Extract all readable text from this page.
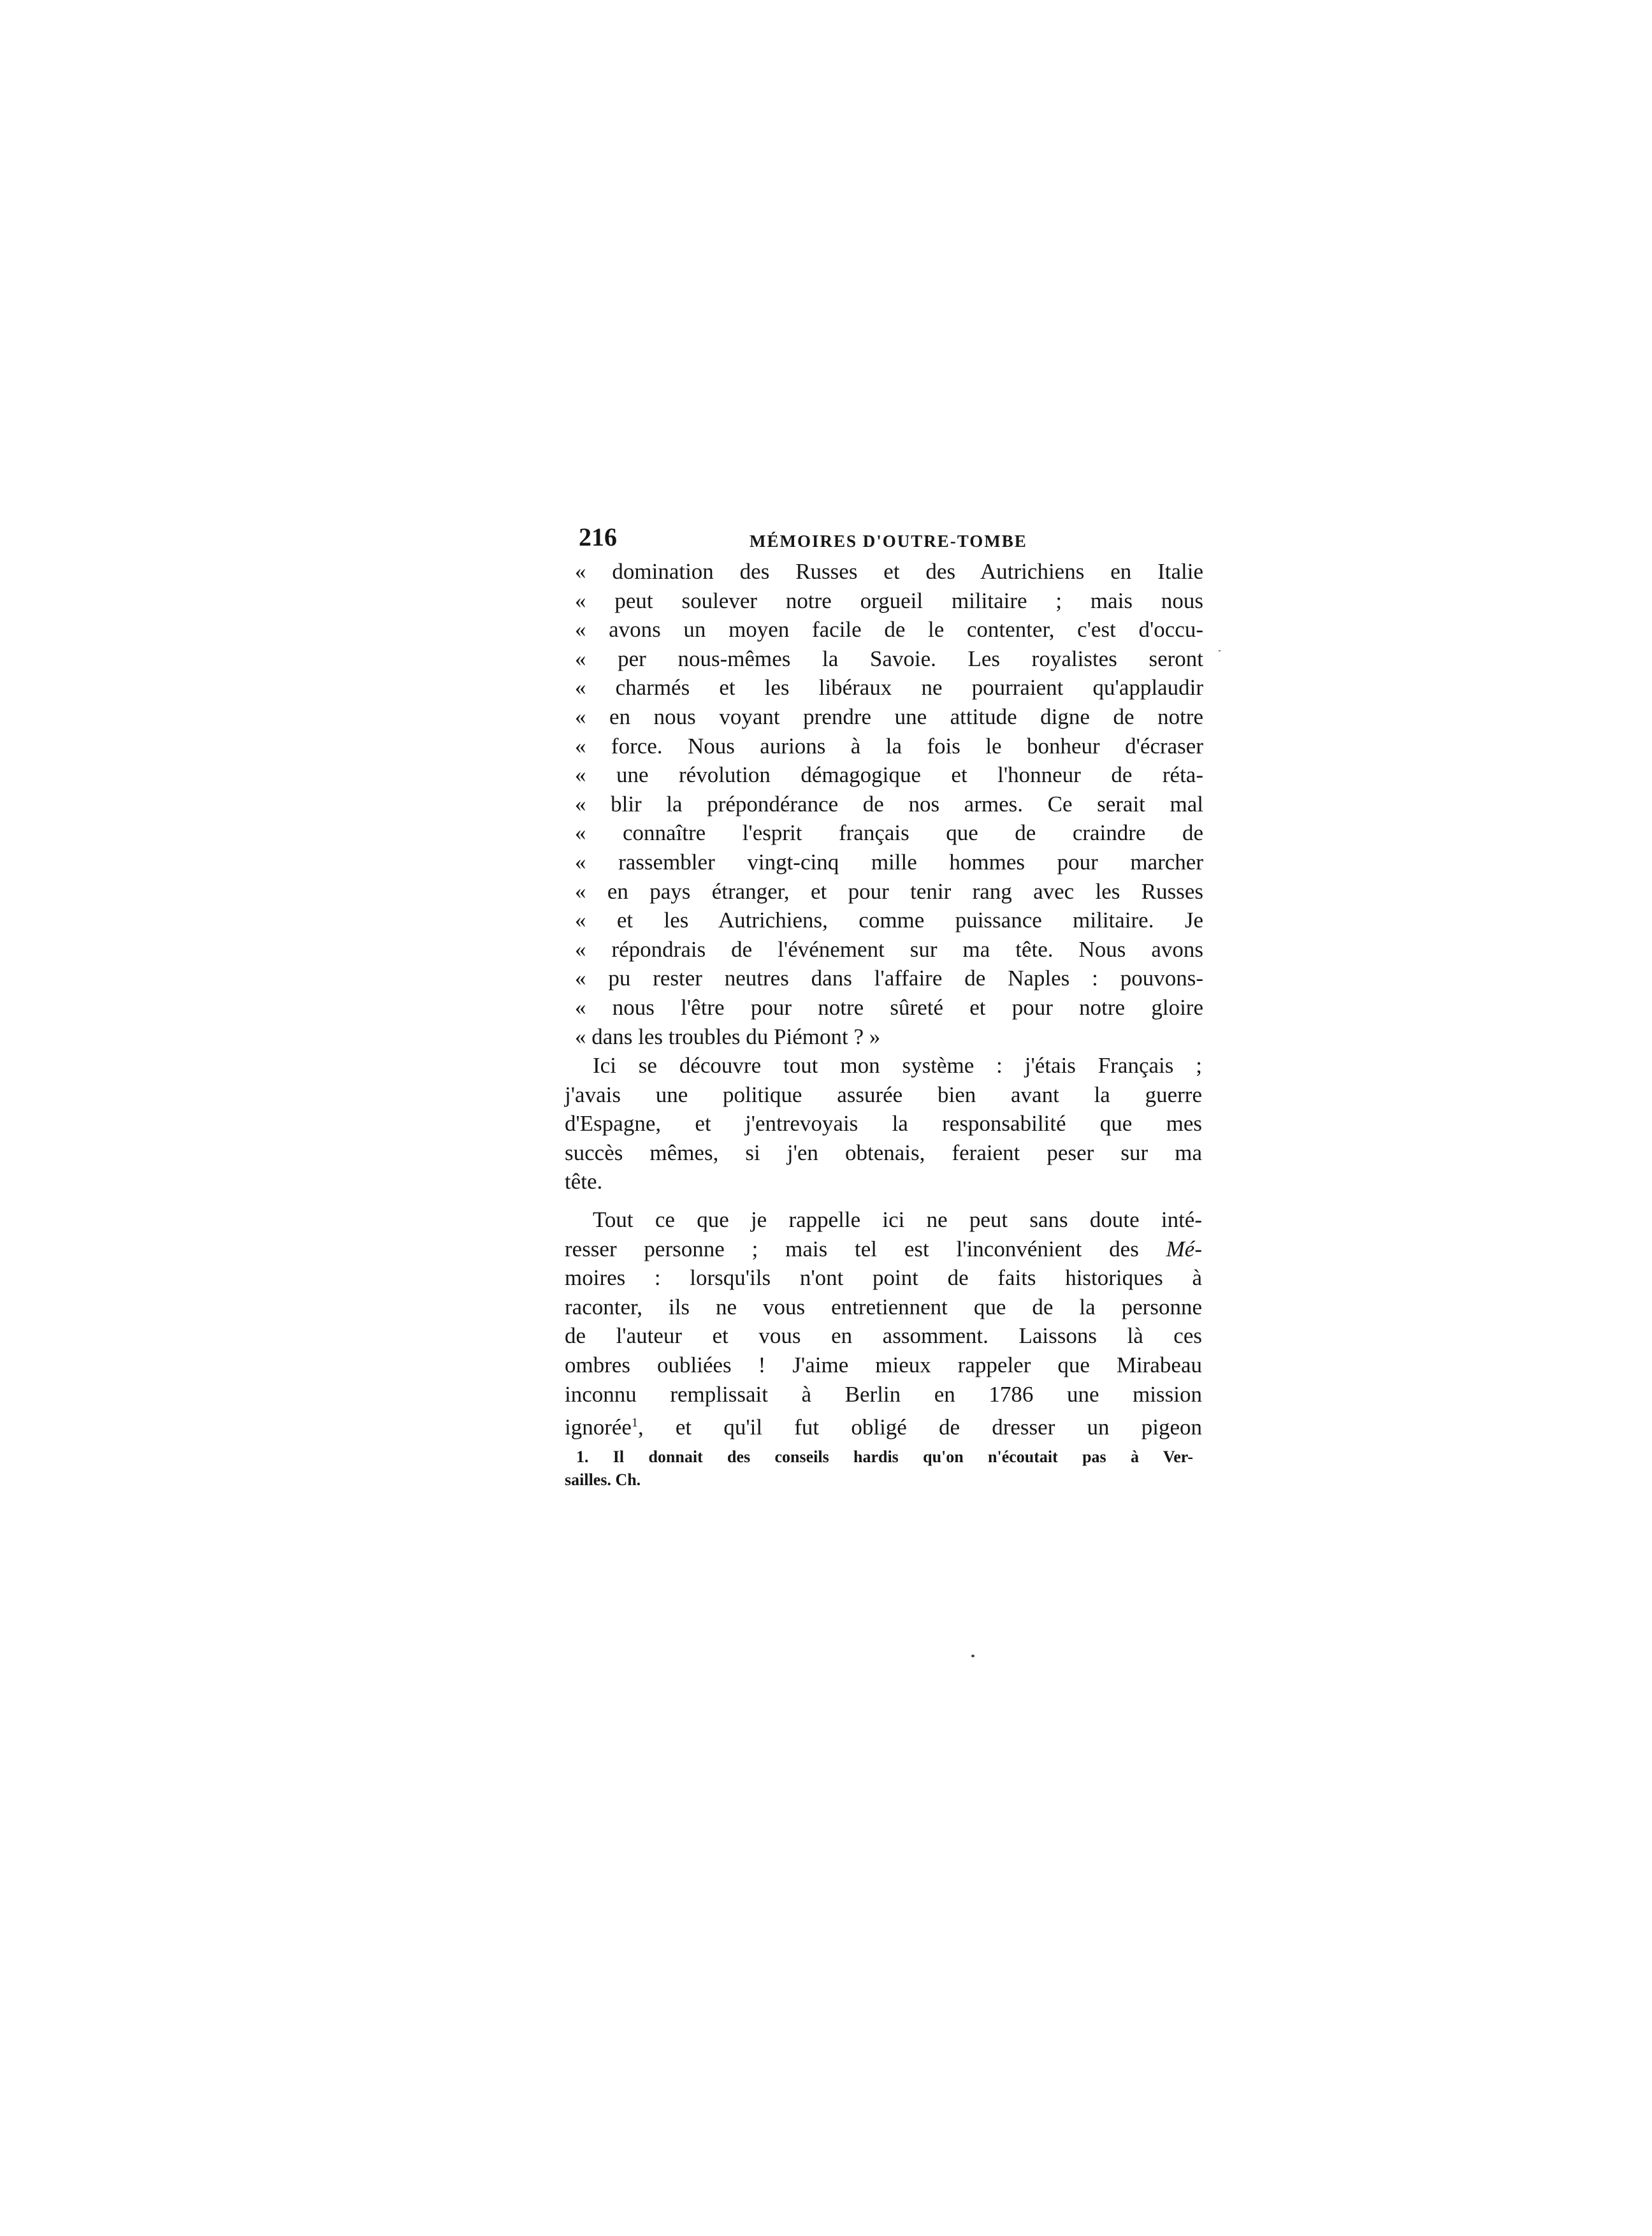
216	MÉMOIRES D'OUTRE-TOMBE
« domination des Russes et des Autrichiens en Italie
« peut soulever notre orgueil militaire ; mais nous
« avons un moyen facile de le contenter, c'est d'occu-
« per nous-mêmes la Savoie. Les royalistes seront
« charmés et les libéraux ne pourraient qu'applaudir
« en nous voyant prendre une attitude digne de notre
« force. Nous aurions à la fois le bonheur d'écraser
« une révolution démagogique et l'honneur de réta-
« blir la prépondérance de nos armes. Ce serait mal
« connaître l'esprit français que de craindre de
« rassembler vingt-cinq mille hommes pour marcher
« en pays étranger, et pour tenir rang avec les Russes
« et les Autrichiens, comme puissance militaire. Je
« répondrais de l'événement sur ma tête. Nous avons
« pu rester neutres dans l'affaire de Naples : pouvons-
« nous l'être pour notre sûreté et pour notre gloire
« dans les troubles du Piémont ? »
Ici se découvre tout mon système : j'étais Français ;
j'avais une politique assurée bien avant la guerre
d'Espagne, et j'entrevoyais la responsabilité que mes
succès mêmes, si j'en obtenais, feraient peser sur ma
tête.
Tout ce que je rappelle ici ne peut sans doute inté-
resser personne ; mais tel est l'inconvénient des Mé-
moires : lorsqu'ils n'ont point de faits historiques à
raconter, ils ne vous entretiennent que de la personne
de l'auteur et vous en assomment. Laissons là ces
ombres oubliées ! J'aime mieux rappeler que Mirabeau
inconnu remplissait à Berlin en 1786 une mission
ignorée$^1$, et qu'il fut obligé de dresser un pigeon
1. Il donnait des conseils hardis qu'on n'écoutait pas à Ver-
sailles. Ch.
